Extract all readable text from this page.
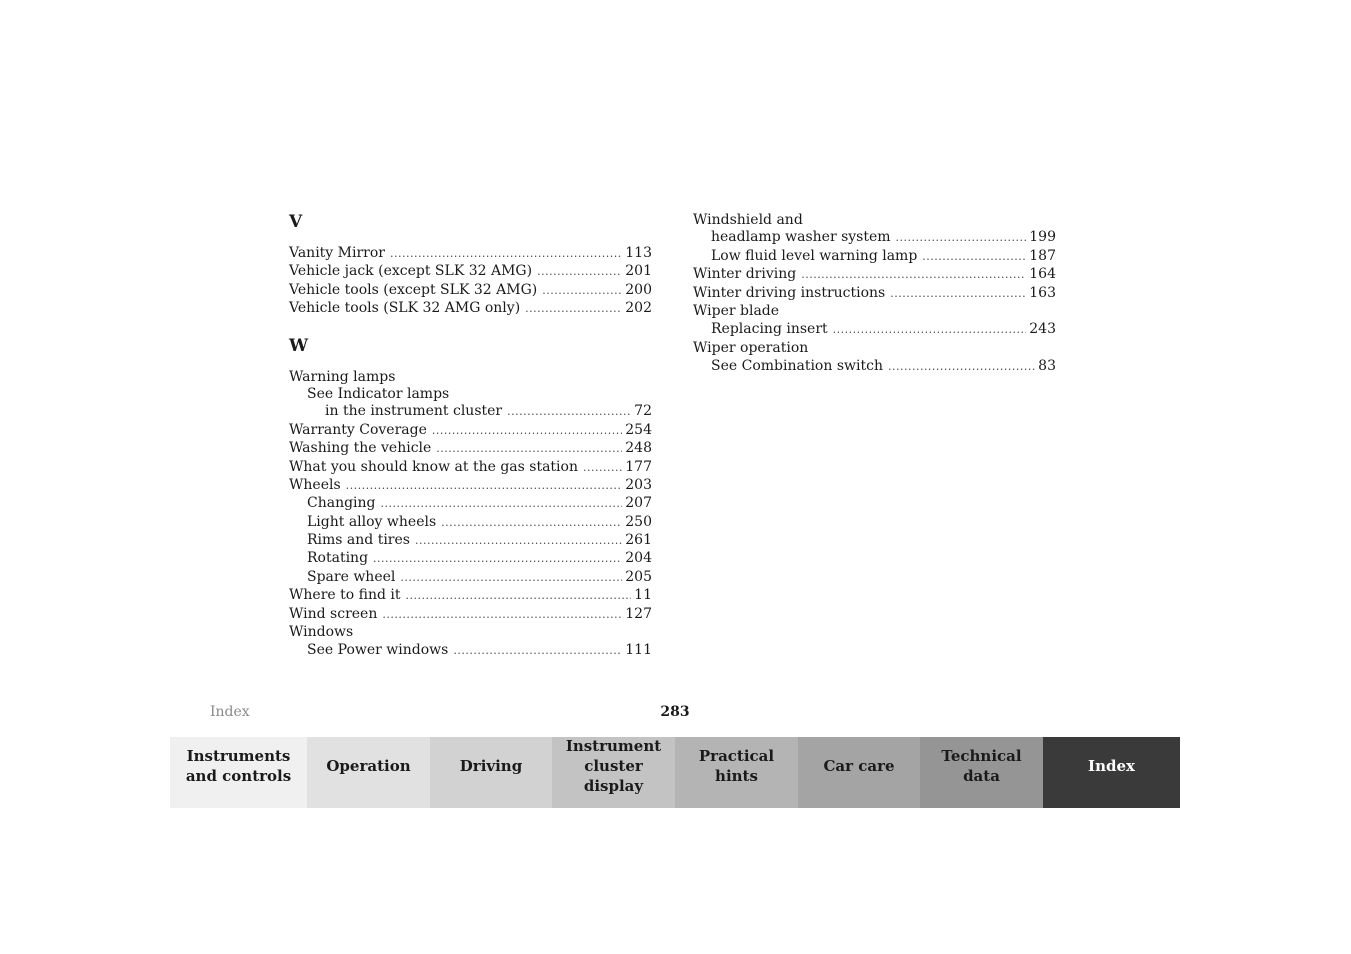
V
Vanity Mirror .....	113
Vehicle jack (except SLK 32 AMG) .....	201
Vehicle tools (except SLK 32 AMG) .....	200
Vehicle tools (SLK 32 AMG only) .....	202
W
Warning lamps
See Indicator lamps
in the instrument cluster .....	72
Warranty Coverage .....	254
Washing the vehicle .....	248
What you should know at the gas station .....	177
Wheels .....	203
Changing .....	207
Light alloy wheels .....	250
Rims and tires .....	261
Rotating .....	204
Spare wheel .....	205
Where to find it .....	11
Wind screen .....	127
Windows
See Power windows .....	111
Windshield and
headlamp washer system .....	199
Low fluid level warning lamp .....	187
Winter driving .....	164
Winter driving instructions .....	163
Wiper blade
Replacing insert .....	243
Wiper operation
See Combination switch .....	83
Index	283
Instruments
and controls
Operation	Driving
Instrument
cluster display
Practical hints
Car care
Technical
data
Index
